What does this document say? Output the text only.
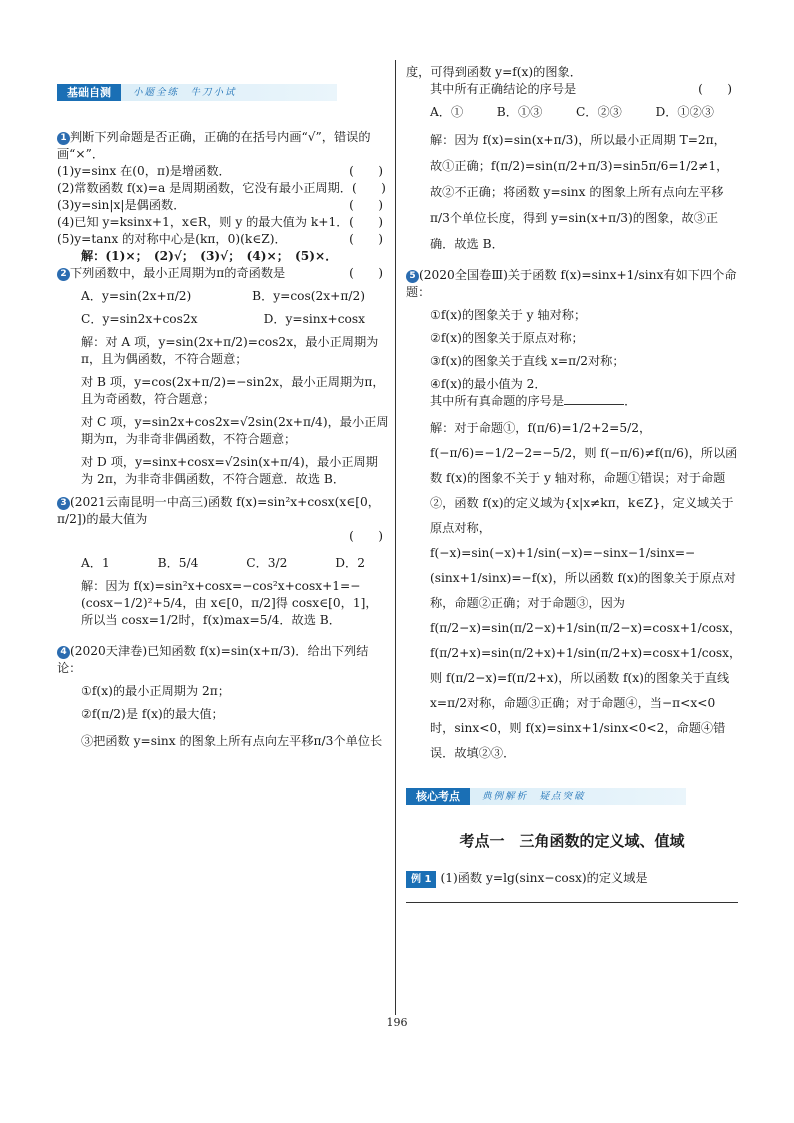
基础自测	小题全练　牛刀小试

1 判断下列命题是否正确，正确的在括号内画“√”，错误的画“×”．

(1)y=sinx 在(0，π)是增函数．	(　　)

(2)常数函数 f(x)=a 是周期函数，它没有最小正周期．(　　)

(3)y=sin|x|是偶函数．	(　　)
(4)已知 y=ksinx+1，x∈R，则 y 的最大值为 k+1． (　　)
(5)y=tanx 的对称中心是(kπ，0)(k∈Z)．	(　　)

解：(1)×；　(2)√；　(3)√；　(4)×；　(5)×．

2 下列函数中，最小正周期为π的奇函数是	(　　)
A．y=sin(2x+π/2)	B．y=cos(2x+π/2)
C．y=sin2x+cos2x	D．y=sinx+cosx

解：对 A 项，y=sin(2x+π/2)=cos2x，最小正周期为π，且为偶函数，不符合题意；

对 B 项，y=cos(2x+π/2)=−sin2x，最小正周期为π，且为奇函数，符合题意；

对 C 项，y=sin2x+cos2x=√2sin(2x+π/4)，最小正周期为π，为非奇非偶函数，不符合题意；

对 D 项，y=sinx+cosx=√2sin(x+π/4)，最小正周期为 2π，为非奇非偶函数，不符合题意．故选 B．

3 (2021云南昆明一中高三)函数 f(x)=sin²x+cosx(x∈[0，π/2])的最大值为

(　　)
A．1	B．5/4	C．3/2	D．2

解：因为 f(x)=sin²x+cosx=−cos²x+cosx+1=−(cosx−1/2)²+5/4，由 x∈[0，π/2]得 cosx∈[0，1]，所以当 cosx=1/2时，f(x)max=5/4．故选 B．

4 (2020天津卷)已知函数 f(x)=sin(x+π/3)．给出下列结论：

①f(x)的最小正周期为 2π；

②f(π/2)是 f(x)的最大值；

③把函数 y=sinx 的图象上所有点向左平移π/3个单位长

度，可得到函数 y=f(x)的图象．

其中所有正确结论的序号是	(　　)
A．①	B．①③	C．②③	D．①②③

解：因为 f(x)=sin(x+π/3)，所以最小正周期 T=2π，故①正确；f(π/2)=sin(π/2+π/3)=sin5π/6=1/2≠1，故②不正确；将函数 y=sinx 的图象上所有点向左平移π/3个单位长度，得到 y=sin(x+π/3)的图象，故③正确．故选 B．

5 (2020全国卷Ⅲ)关于函数 f(x)=sinx+1/sinx有如下四个命题：

①f(x)的图象关于 y 轴对称；

②f(x)的图象关于原点对称；

③f(x)的图象关于直线 x=π/2对称；

④f(x)的最小值为 2．

其中所有真命题的序号是	．

解：对于命题①，f(π/6)=1/2+2=5/2，f(−π/6)=−1/2−2=−5/2，则 f(−π/6)≠f(π/6)，所以函数 f(x)的图象不关于 y 轴对称，命题①错误；对于命题②，函数 f(x)的定义域为{x|x≠kπ，k∈Z}，定义域关于原点对称，f(−x)=sin(−x)+1/sin(−x)=−sinx−1/sinx=−(sinx+1/sinx)=−f(x)，所以函数 f(x)的图象关于原点对称，命题②正确；对于命题③，因为 f(π/2−x)=sin(π/2−x)+1/sin(π/2−x)=cosx+1/cosx，f(π/2+x)=sin(π/2+x)+1/sin(π/2+x)=cosx+1/cosx，则 f(π/2−x)=f(π/2+x)，所以函数 f(x)的图象关于直线 x=π/2对称，命题③正确；对于命题④，当−π<x<0 时，sinx<0，则 f(x)=sinx+1/sinx<0<2，命题④错误．故填②③．

核心考点	典例解析　疑点突破
考点一　三角函数的定义域、值域

例 1 (1)函数 y=lg(sinx−cosx)的定义域是

196
